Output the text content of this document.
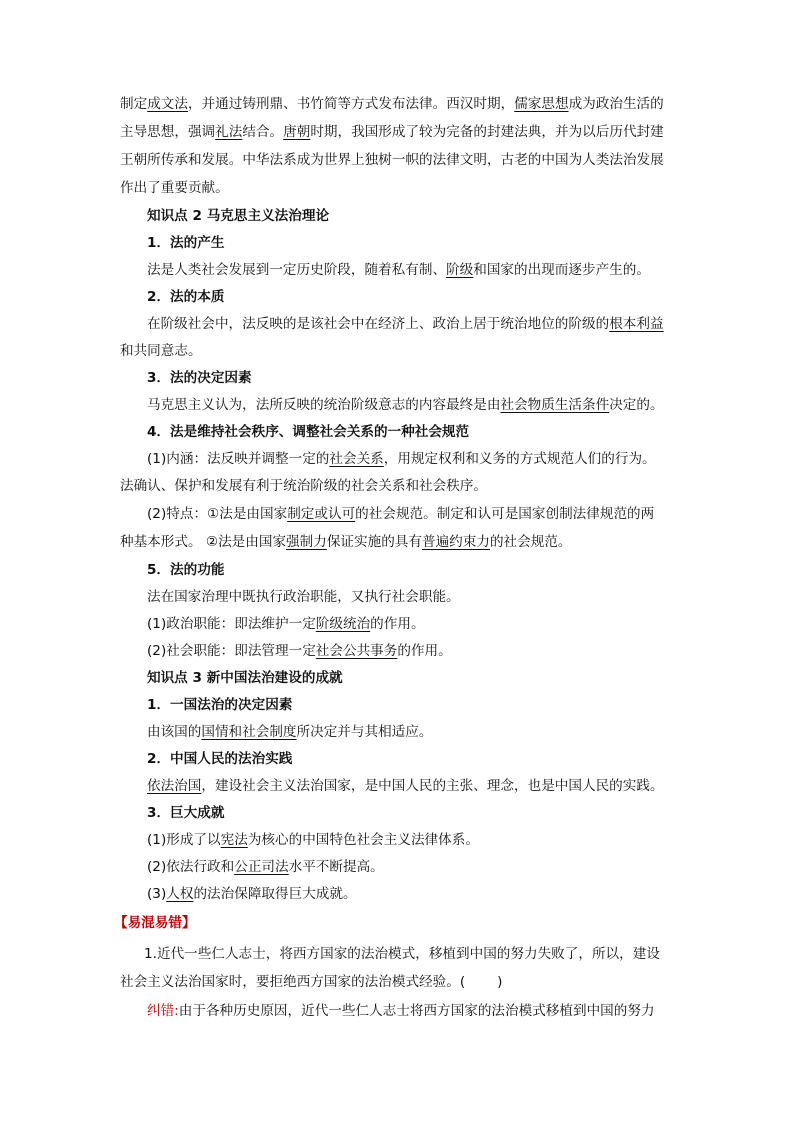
制定成文法，并通过铸刑鼎、书竹简等方式发布法律。西汉时期，儒家思想成为政治生活的
主导思想，强调礼法结合。唐朝时期，我国形成了较为完备的封建法典，并为以后历代封建
王朝所传承和发展。中华法系成为世界上独树一帜的法律文明，古老的中国为人类法治发展
作出了重要贡献。
知识点 2 马克思主义法治理论
1．法的产生
法是人类社会发展到一定历史阶段，随着私有制、阶级和国家的出现而逐步产生的。
2．法的本质
在阶级社会中，法反映的是该社会中在经济上、政治上居于统治地位的阶级的根本利益
和共同意志。
3．法的决定因素
马克思主义认为，法所反映的统治阶级意志的内容最终是由社会物质生活条件决定的。
4．法是维持社会秩序、调整社会关系的一种社会规范
(1)内涵：法反映并调整一定的社会关系，用规定权利和义务的方式规范人们的行为。
法确认、保护和发展有利于统治阶级的社会关系和社会秩序。
(2)特点：①法是由国家制定或认可的社会规范。制定和认可是国家创制法律规范的两
种基本形式。 ②法是由国家强制力保证实施的具有普遍约束力的社会规范。
5．法的功能
法在国家治理中既执行政治职能，又执行社会职能。
(1)政治职能：即法维护一定阶级统治的作用。
(2)社会职能：即法管理一定社会公共事务的作用。
知识点 3 新中国法治建设的成就
1．一国法治的决定因素
由该国的国情和社会制度所决定并与其相适应。
2．中国人民的法治实践
依法治国，建设社会主义法治国家，是中国人民的主张、理念，也是中国人民的实践。
3．巨大成就
(1)形成了以宪法为核心的中国特色社会主义法律体系。
(2)依法行政和公正司法水平不断提高。
(3)人权的法治保障取得巨大成就。
【易混易错】
1.近代一些仁人志士，将西方国家的法治模式，移植到中国的努力失败了，所以，建设
社会主义法治国家时，要拒绝西方国家的法治模式经验。( )
纠错:由于各种历史原因，近代一些仁人志士将西方国家的法治模式移植到中国的努力
